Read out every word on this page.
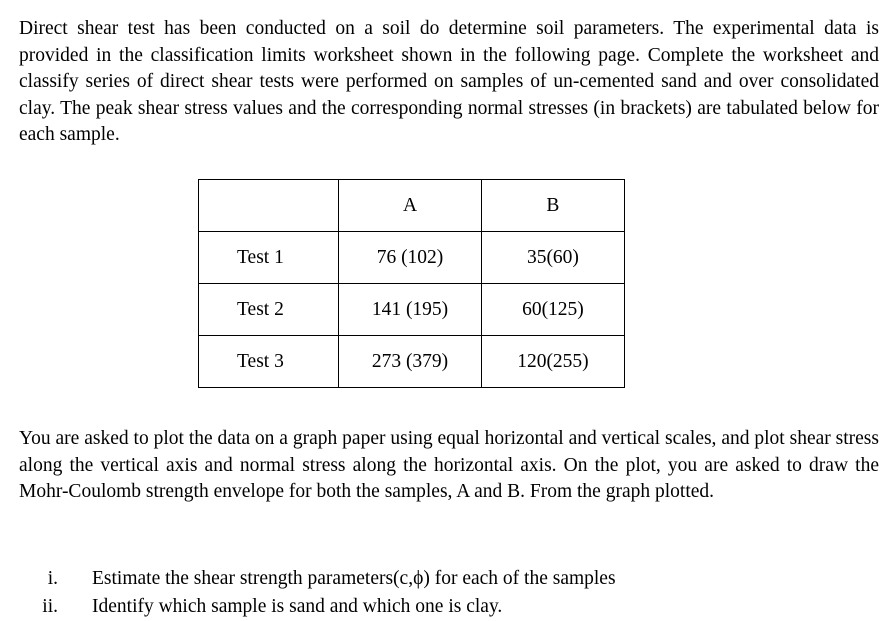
Direct shear test has been conducted on a soil do determine soil parameters. The experimental data is provided in the classification limits worksheet shown in the following page. Complete the worksheet and classify series of direct shear tests were performed on samples of un-cemented sand and over consolidated clay. The peak shear stress values and the corresponding normal stresses (in brackets) are tabulated below for each sample.

	A	B
Test 1	76 (102)	35(60)
Test 2	141 (195)	60(125)
Test 3	273 (379)	120(255)

You are asked to plot the data on a graph paper using equal horizontal and vertical scales, and plot shear stress along the vertical axis and normal stress along the horizontal axis. On the plot, you are asked to draw the Mohr-Coulomb strength envelope for both the samples, A and B. From the graph plotted.

i. Estimate the shear strength parameters(c,ϕ) for each of the samples
ii. Identify which sample is sand and which one is clay.
